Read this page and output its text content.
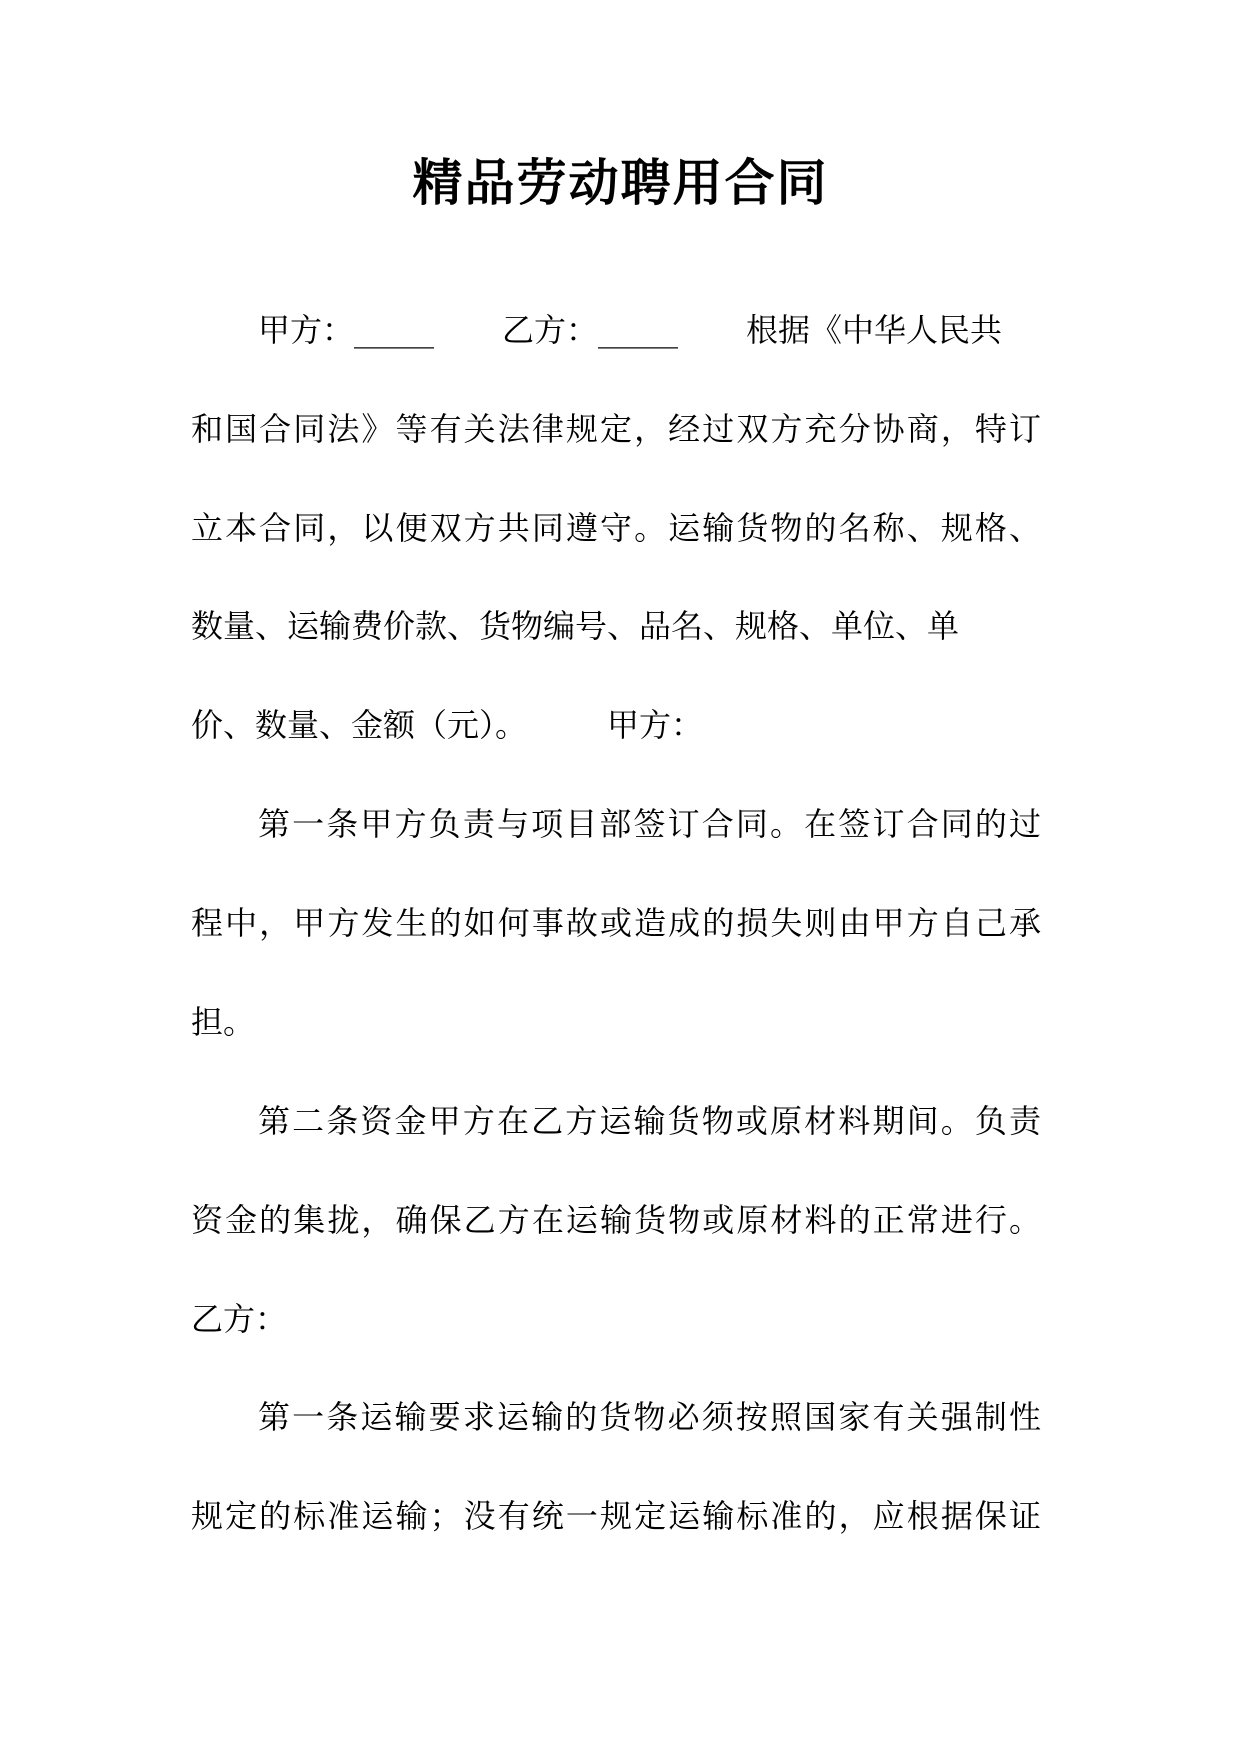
精品劳动聘用合同
甲方：_____ 乙方：_____ 根据《中华人民共
和国合同法》等有关法律规定，经过双方充分协商，特订
立本合同，以便双方共同遵守。运输货物的名称、规格、
数量、运输费价款、货物编号、品名、规格、单位、单
价、数量、金额（元）。	甲方：
第一条甲方负责与项目部签订合同。在签订合同的过
程中，甲方发生的如何事故或造成的损失则由甲方自己承
担。
第二条资金甲方在乙方运输货物或原材料期间。负责
资金的集拢，确保乙方在运输货物或原材料的正常进行。
乙方：
第一条运输要求运输的货物必须按照国家有关强制性
规定的标准运输；没有统一规定运输标准的，应根据保证
